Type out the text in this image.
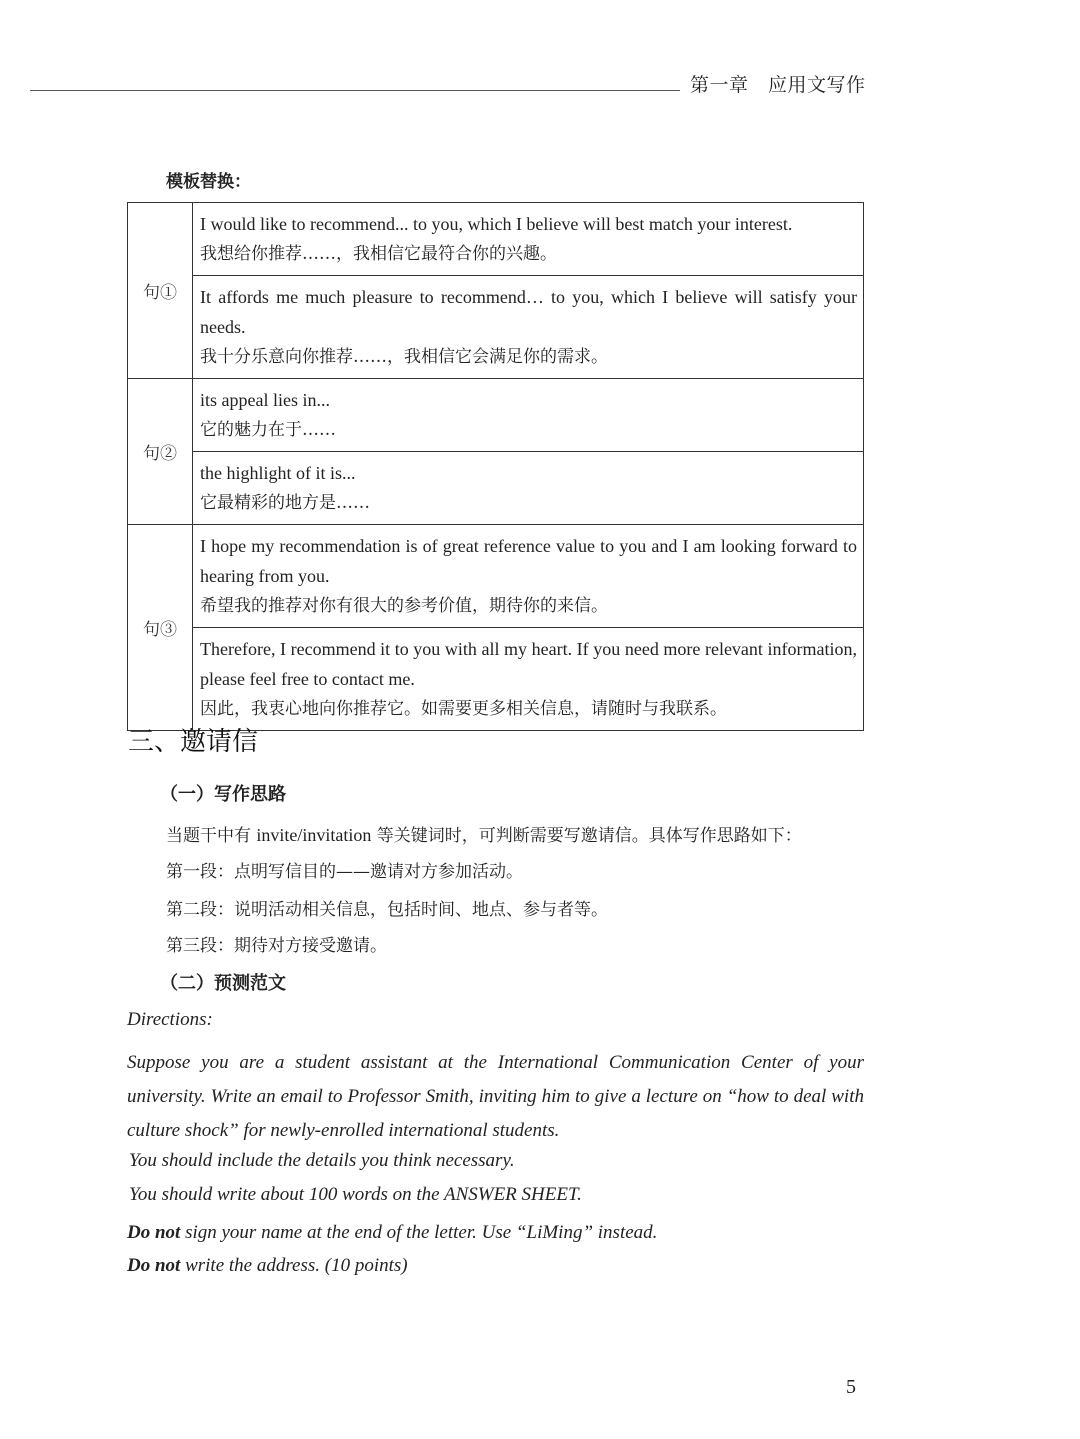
第一章　应用文写作
模板替换：
句①	I would like to recommend... to you, which I believe will best match your interest.
我想给你推荐……，我相信它最符合你的兴趣。

	It affords me much pleasure to recommend… to you, which I believe will satisfy your needs.
我十分乐意向你推荐……，我相信它会满足你的需求。

句②	its appeal lies in...
它的魅力在于……

	the highlight of it is...
它最精彩的地方是……

句③	I hope my recommendation is of great reference value to you and I am looking forward to hearing from you.
希望我的推荐对你有很大的参考价值，期待你的来信。

	Therefore, I recommend it to you with all my heart. If you need more relevant information, please feel free to contact me.
因此，我衷心地向你推荐它。如需要更多相关信息，请随时与我联系。
三、邀请信
（一）写作思路
当题干中有 invite/invitation 等关键词时，可判断需要写邀请信。具体写作思路如下：
第一段：点明写信目的——邀请对方参加活动。
第二段：说明活动相关信息，包括时间、地点、参与者等。
第三段：期待对方接受邀请。
（二）预测范文
Directions:
Suppose you are a student assistant at the International Communication Center of your university. Write an email to Professor Smith, inviting him to give a lecture on “how to deal with culture shock” for newly-enrolled international students.
You should include the details you think necessary.
You should write about 100 words on the ANSWER SHEET.
Do not sign your name at the end of the letter. Use “LiMing” instead.
Do not write the address. (10 points)
5
